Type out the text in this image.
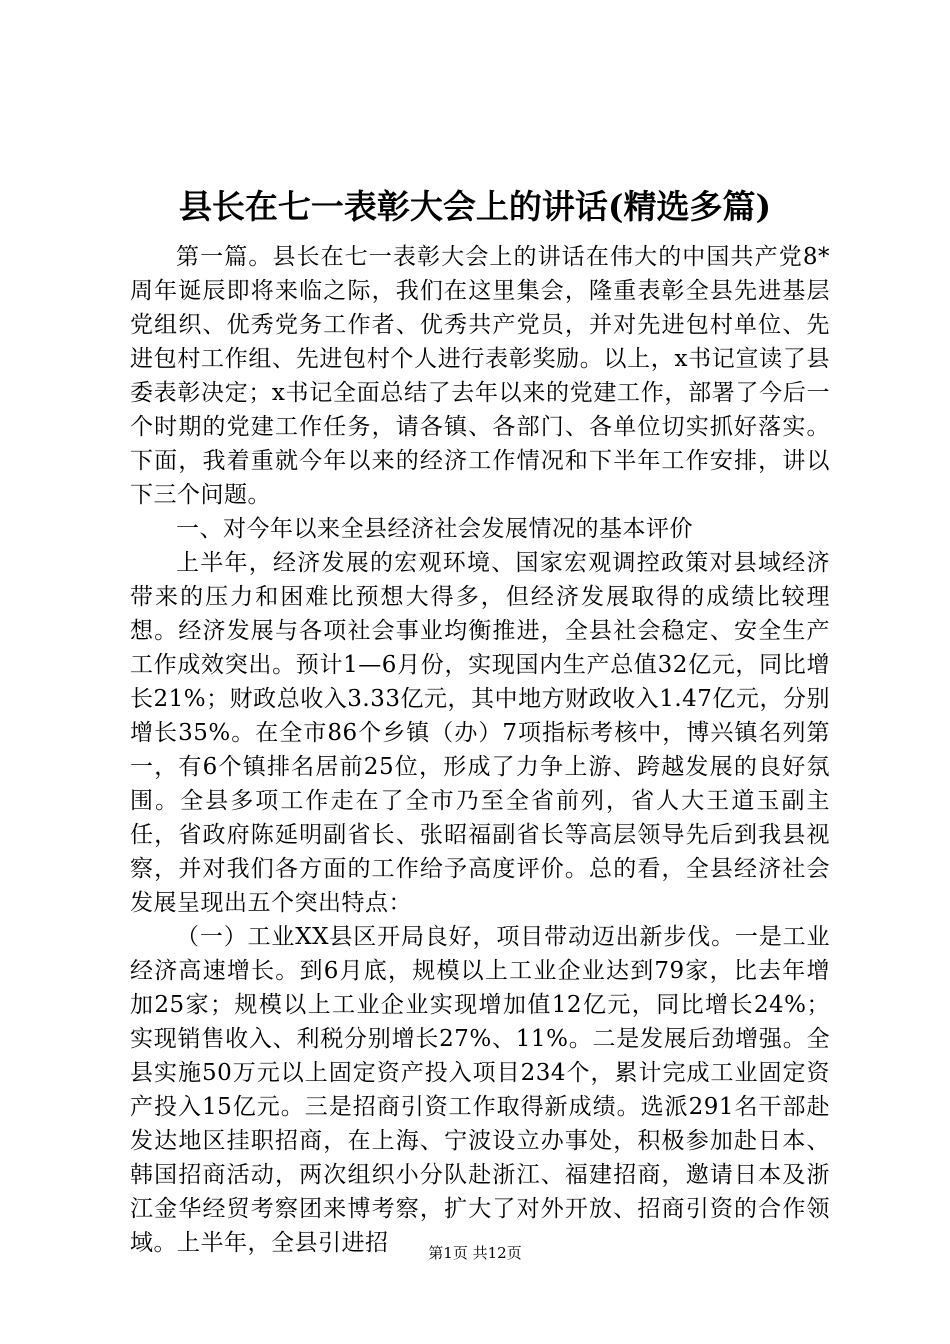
县长在七一表彰大会上的讲话(精选多篇)

第一篇。县长在七一表彰大会上的讲话在伟大的中国共产党8*周年诞辰即将来临之际，我们在这里集会，隆重表彰全县先进基层党组织、优秀党务工作者、优秀共产党员，并对先进包村单位、先进包村工作组、先进包村个人进行表彰奖励。以上，x书记宣读了县委表彰决定；x书记全面总结了去年以来的党建工作，部署了今后一个时期的党建工作任务，请各镇、各部门、各单位切实抓好落实。下面，我着重就今年以来的经济工作情况和下半年工作安排，讲以下三个问题。

一、对今年以来全县经济社会发展情况的基本评价

上半年，经济发展的宏观环境、国家宏观调控政策对县域经济带来的压力和困难比预想大得多，但经济发展取得的成绩比较理想。经济发展与各项社会事业均衡推进，全县社会稳定、安全生产工作成效突出。预计1—6月份，实现国内生产总值32亿元，同比增长21%；财政总收入3.33亿元，其中地方财政收入1.47亿元，分别增长35%。在全市86个乡镇（办）7项指标考核中，博兴镇名列第一，有6个镇排名居前25位，形成了力争上游、跨越发展的良好氛围。全县多项工作走在了全市乃至全省前列，省人大王道玉副主任，省政府陈延明副省长、张昭福副省长等高层领导先后到我县视察，并对我们各方面的工作给予高度评价。总的看，全县经济社会发展呈现出五个突出特点：

（一）工业XX县区开局良好，项目带动迈出新步伐。一是工业经济高速增长。到6月底，规模以上工业企业达到79家，比去年增加25家；规模以上工业企业实现增加值12亿元，同比增长24%；实现销售收入、利税分别增长27%、11%。二是发展后劲增强。全县实施50万元以上固定资产投入项目234个，累计完成工业固定资产投入15亿元。三是招商引资工作取得新成绩。选派291名干部赴发达地区挂职招商，在上海、宁波设立办事处，积极参加赴日本、韩国招商活动，两次组织小分队赴浙江、福建招商，邀请日本及浙江金华经贸考察团来博考察，扩大了对外开放、招商引资的合作领域。上半年，全县引进招	第1页 共12页
